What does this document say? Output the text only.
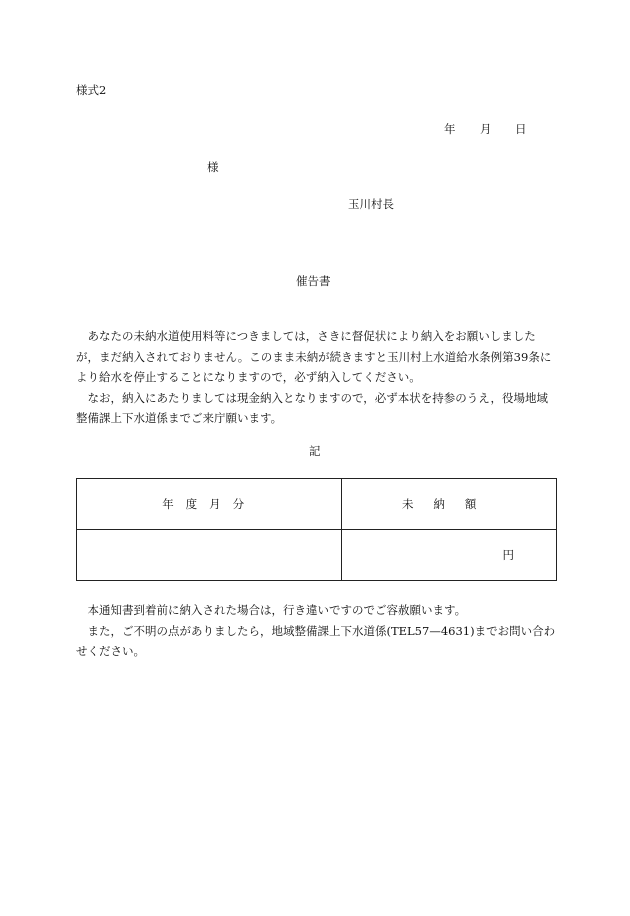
様式2
年 月 日
様
玉川村長
催告書

あなたの未納水道使用料等につきましては，さきに督促状により納入をお願いしましたが，まだ納入されておりません。このまま未納が続きますと玉川村上水道給水条例第39条により給水を停止することになりますので，必ず納入してください。

なお，納入にあたりましては現金納入となりますので，必ず本状を持参のうえ，役場地域整備課上下水道係までご来庁願います。

記
年度月分	未納額
	円

本通知書到着前に納入された場合は，行き違いですのでご容赦願います。

また，ご不明の点がありましたら，地域整備課上下水道係(TEL57—4631)までお問い合わせください。
